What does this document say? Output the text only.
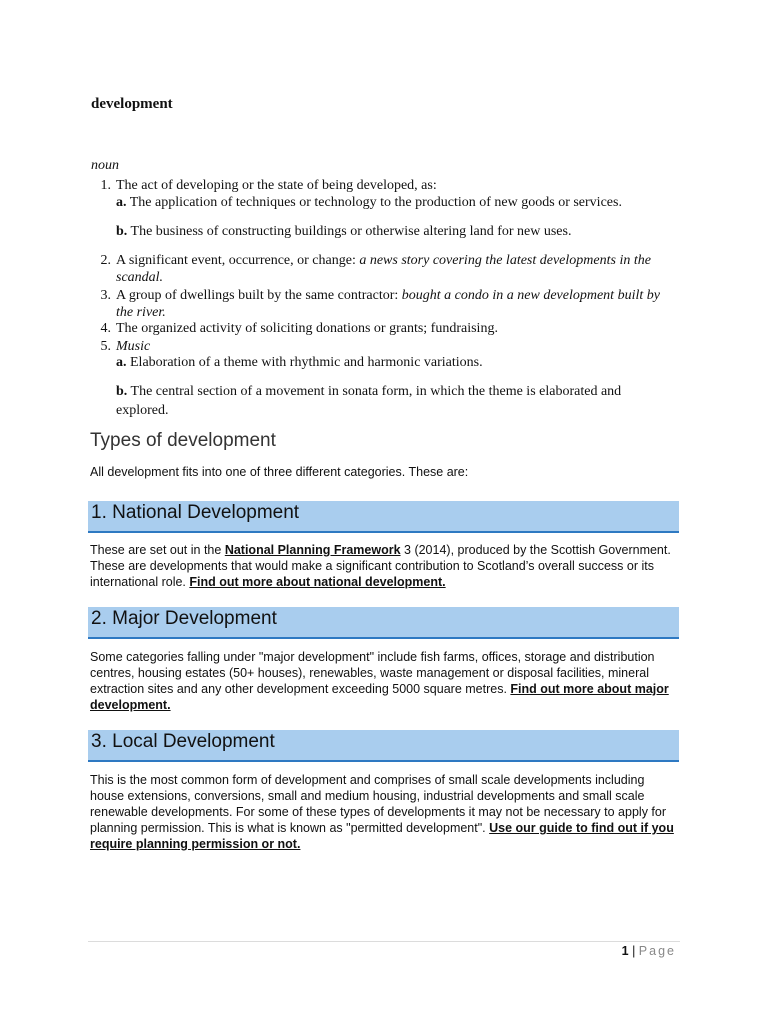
development
noun
1. The act of developing or the state of being developed, as:
a. The application of techniques or technology to the production of new goods or services.
b. The business of constructing buildings or otherwise altering land for new uses.
2. A significant event, occurrence, or change: a news story covering the latest developments in the scandal.
3. A group of dwellings built by the same contractor: bought a condo in a new development built by the river.
4. The organized activity of soliciting donations or grants; fundraising.
5. Music
a. Elaboration of a theme with rhythmic and harmonic variations.
b. The central section of a movement in sonata form, in which the theme is elaborated and explored.
Types of development
All development fits into one of three different categories. These are:
1. National Development
These are set out in the National Planning Framework 3 (2014), produced by the Scottish Government. These are developments that would make a significant contribution to Scotland’s overall success or its international role. Find out more about national development.
2. Major Development
Some categories falling under "major development" include fish farms, offices, storage and distribution centres, housing estates (50+ houses), renewables, waste management or disposal facilities, mineral extraction sites and any other development exceeding 5000 square metres. Find out more about major development.
3. Local Development
This is the most common form of development and comprises of small scale developments including house extensions, conversions, small and medium housing, industrial developments and small scale renewable developments. For some of these types of developments it may not be necessary to apply for planning permission. This is what is known as "permitted development". Use our guide to find out if you require planning permission or not.
1 | Page
